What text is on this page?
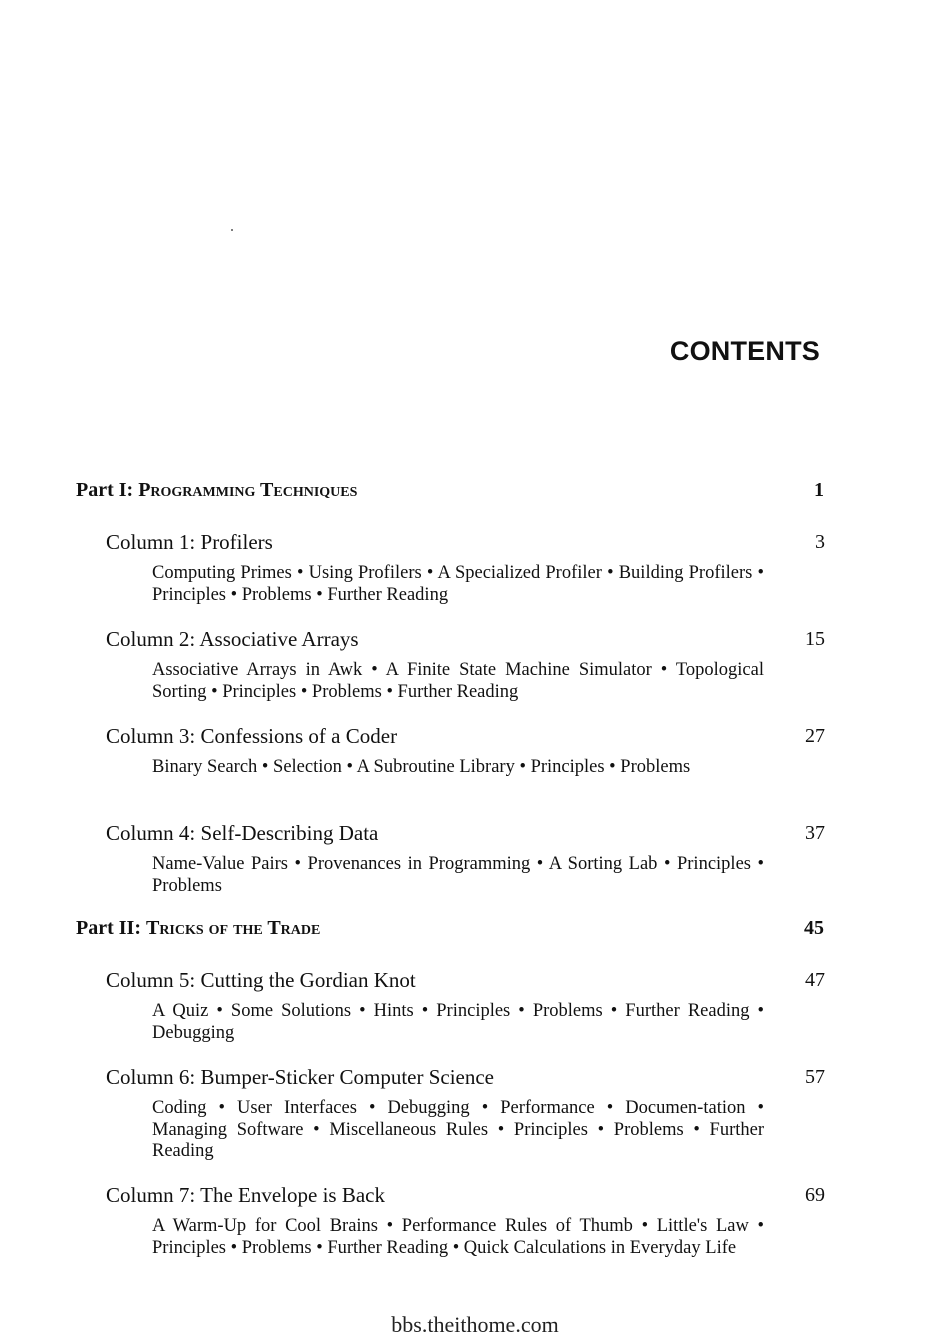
CONTENTS
Part I: Programming Techniques	1
Column 1: Profilers	3
Computing Primes • Using Profilers • A Specialized Profiler • Building Profilers • Principles • Problems • Further Reading
Column 2: Associative Arrays	15
Associative Arrays in Awk • A Finite State Machine Simulator • Topological Sorting • Principles • Problems • Further Reading
Column 3: Confessions of a Coder	27
Binary Search • Selection • A Subroutine Library • Principles • Problems
Column 4: Self-Describing Data	37
Name-Value Pairs • Provenances in Programming • A Sorting Lab • Principles • Problems
Part II: Tricks of the Trade	45
Column 5: Cutting the Gordian Knot	47
A Quiz • Some Solutions • Hints • Principles • Problems • Further Reading • Debugging
Column 6: Bumper-Sticker Computer Science	57
Coding • User Interfaces • Debugging • Performance • Documen-tation • Managing Software • Miscellaneous Rules • Principles • Problems • Further Reading
Column 7: The Envelope is Back	69
A Warm-Up for Cool Brains • Performance Rules of Thumb • Little's Law • Principles • Problems • Further Reading • Quick Calculations in Everyday Life
bbs.theithome.com
